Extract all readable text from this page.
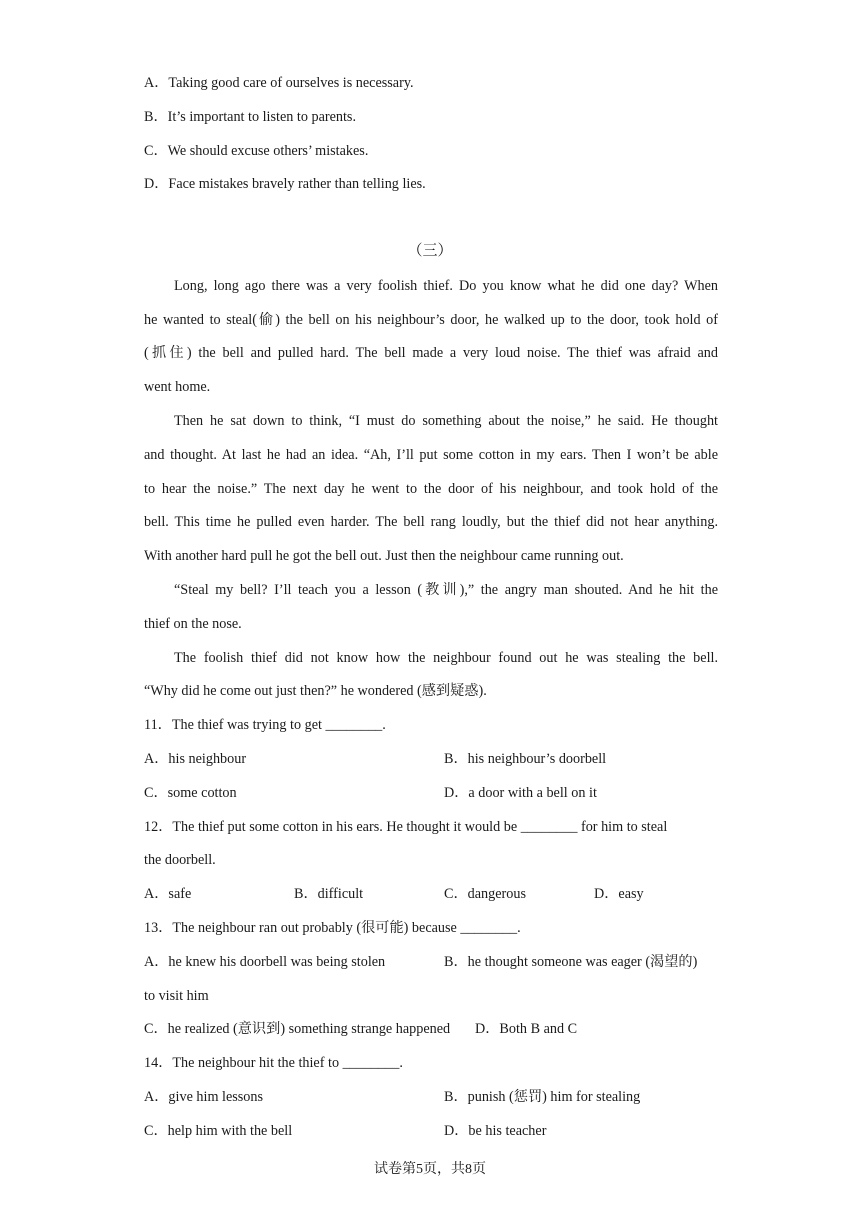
A．Taking good care of ourselves is necessary.
B．It’s important to listen to parents.
C．We should excuse others’ mistakes.
D．Face mistakes bravely rather than telling lies.
（三）
Long, long ago there was a very foolish thief. Do you know what he did one day? When
he wanted to steal(偷) the bell on his neighbour’s door, he walked up to the door, took hold of
(抓住) the bell and pulled hard. The bell made a very loud noise. The thief was afraid and
went home.
Then he sat down to think, “I must do something about the noise,” he said. He thought
and thought. At last he had an idea. “Ah, I’ll put some cotton in my ears. Then I won’t be able
to hear the noise.” The next day he went to the door of his neighbour, and took hold of the
bell. This time he pulled even harder. The bell rang loudly, but the thief did not hear anything.
With another hard pull he got the bell out. Just then the neighbour came running out.
“Steal my bell? I’ll teach you a lesson (教训),” the angry man shouted. And he hit the
thief on the nose.
The foolish thief did not know how the neighbour found out he was stealing the bell.
“Why did he come out just then?” he wondered (感到疑惑).
11．The thief was trying to get ________.
A．his neighbour	B．his neighbour’s doorbell
C．some cotton	D．a door with a bell on it
12．The thief put some cotton in his ears. He thought it would be ________ for him to steal
the doorbell.
A．safe	B．difficult	C．dangerous	D．easy
13．The neighbour ran out probably (很可能) because ________.
A．he knew his doorbell was being stolen	B．he thought someone was eager (渴望的)
to visit him
C．he realized (意识到) something strange happened D．Both B and C
14．The neighbour hit the thief to ________.
A．give him lessons	B．punish (惩罚) him for stealing
C．help him with the bell	D．be his teacher
试卷第5页，共8页
